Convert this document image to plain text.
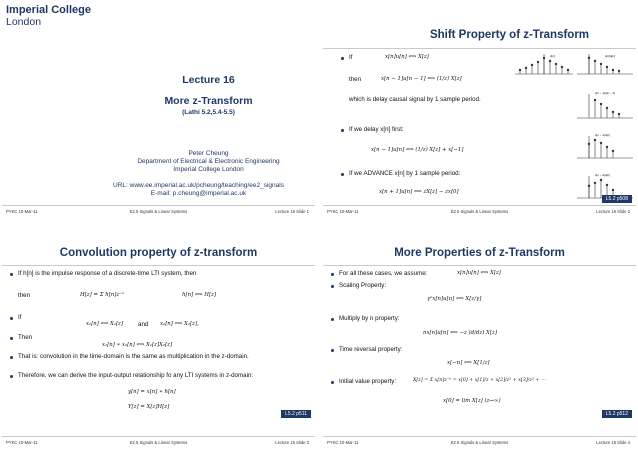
Imperial College
London
Lecture 16
More z-Transform
(Lathi 5.2,5.4-5.5)
Peter Cheung
Department of Electrical & Electronic Engineering
Imperial College London
URL: www.ee.imperial.ac.uk/pcheung/teaching/ee2_signals
E-mail: p.cheung@imperial.ac.uk
PYKC 10-Mar-11	E2.5 Signals & Linear Systems	Lecture 16 Slide 1
Shift Property of z-Transform
If	x[n]u[n] ⟺ X[z]
then	x[n − 1]u[n − 1] ⟺ (1/z) X[z]
which is delay causal signal by 1 sample period.
If we delay x[n] first:
x[n − 1]u[n] ⟺ (1/z) X[z] + x[−1]
If we ADVANCE x[n] by 1 sample period:
x[n + 1]u[n] ⟺ zX[z] − zx[0]
x[n]	x[n]u[n]
x[n − 1]u[n − 1]
x[n − 1]u[n]
x[n − 2]u[n]
L5.2 p508
PYKC 10-Mar-11	E2.5 Signals & Linear Systems	Lecture 16 Slide 2
Convolution property of z-transform
If h[n] is the impulse response of a discrete-time LTI system, then
then	H[z] = Σ h[n]z⁻ⁿ	h[n] ⟺ H[z]
If
x₁[n] ⟺ X₁[z] and x₂[n] ⟺ X₂[z],
Then
x₁[n] ∗ x₂[n] ⟺ X₁[z]X₂[z]
That is: convolution in the time-domain is the same as multiplication in the z-domain.
Therefore, we can derive the input-output relationship fo any LTI systems in z-domain:
y[n] = x[n] ∗ h[n]
Y[z] = X[z]H[z]
L5.2 p511
PYKC 10-Mar-11	E2.5 Signals & Linear Systems	Lecture 16 Slide 3
More Properties of z-Transform
For all these cases, we assume:	x[n]u[n] ⟺ X[z]
Scaling Property:
γⁿx[n]u[n] ⟺ X[z/γ]
Multiply by n property:
nx[n]u[n] ⟺ −z (d/dz) X[z]
Time reversal property:
x[−n] ⟺ X[1/z]
Initial value property:	X[z] = Σ x[n]z⁻ⁿ = x[0] + x[1]/z + x[2]/z² + x[3]/z³ + ⋯
x[0] = lim X[z] (z→∞)
L5.2 p512
PYKC 10-Mar-11	E2.5 Signals & Linear Systems	Lecture 16 Slide 4
